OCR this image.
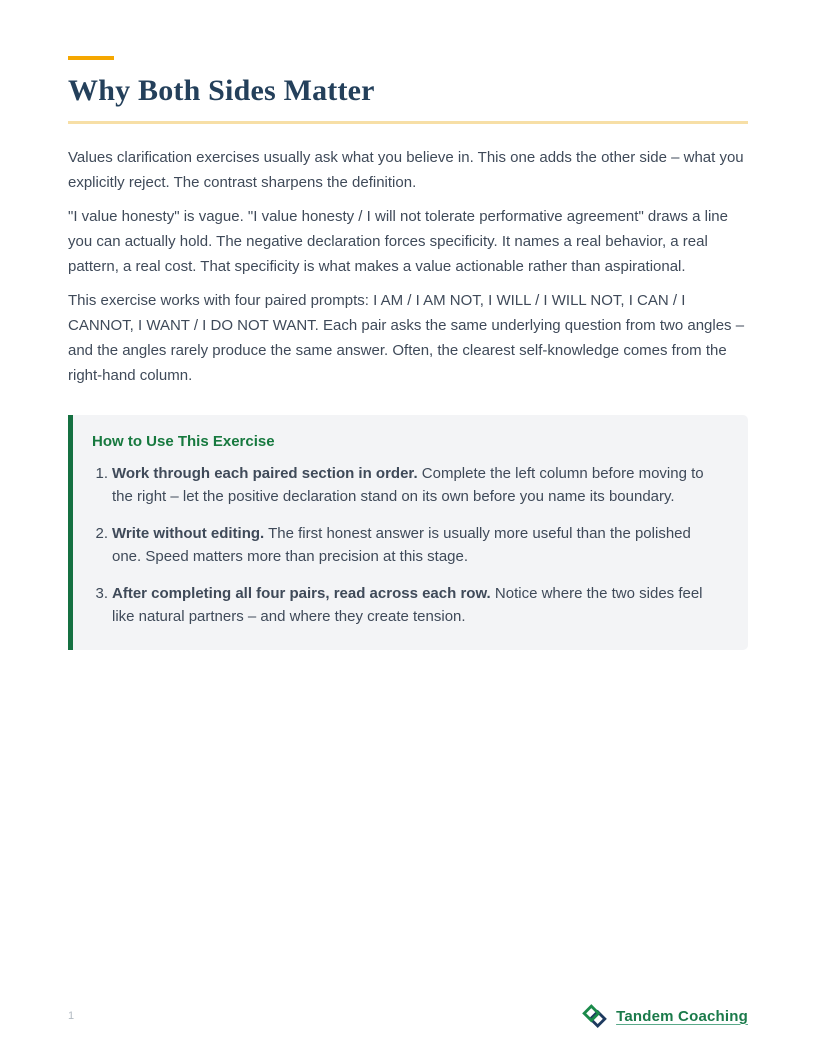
Why Both Sides Matter

Values clarification exercises usually ask what you believe in. This one adds the other side – what you explicitly reject. The contrast sharpens the definition.

"I value honesty" is vague. "I value honesty / I will not tolerate performative agreement" draws a line you can actually hold. The negative declaration forces specificity. It names a real behavior, a real pattern, a real cost. That specificity is what makes a value actionable rather than aspirational.

This exercise works with four paired prompts: I AM / I AM NOT, I WILL / I WILL NOT, I CAN / I CANNOT, I WANT / I DO NOT WANT. Each pair asks the same underlying question from two angles – and the angles rarely produce the same answer. Often, the clearest self-knowledge comes from the right-hand column.

How to Use This Exercise

1. Work through each paired section in order. Complete the left column before moving to the right – let the positive declaration stand on its own before you name its boundary.
2. Write without editing. The first honest answer is usually more useful than the polished one. Speed matters more than precision at this stage.
3. After completing all four pairs, read across each row. Notice where the two sides feel like natural partners – and where they create tension.
1	Tandem Coaching
